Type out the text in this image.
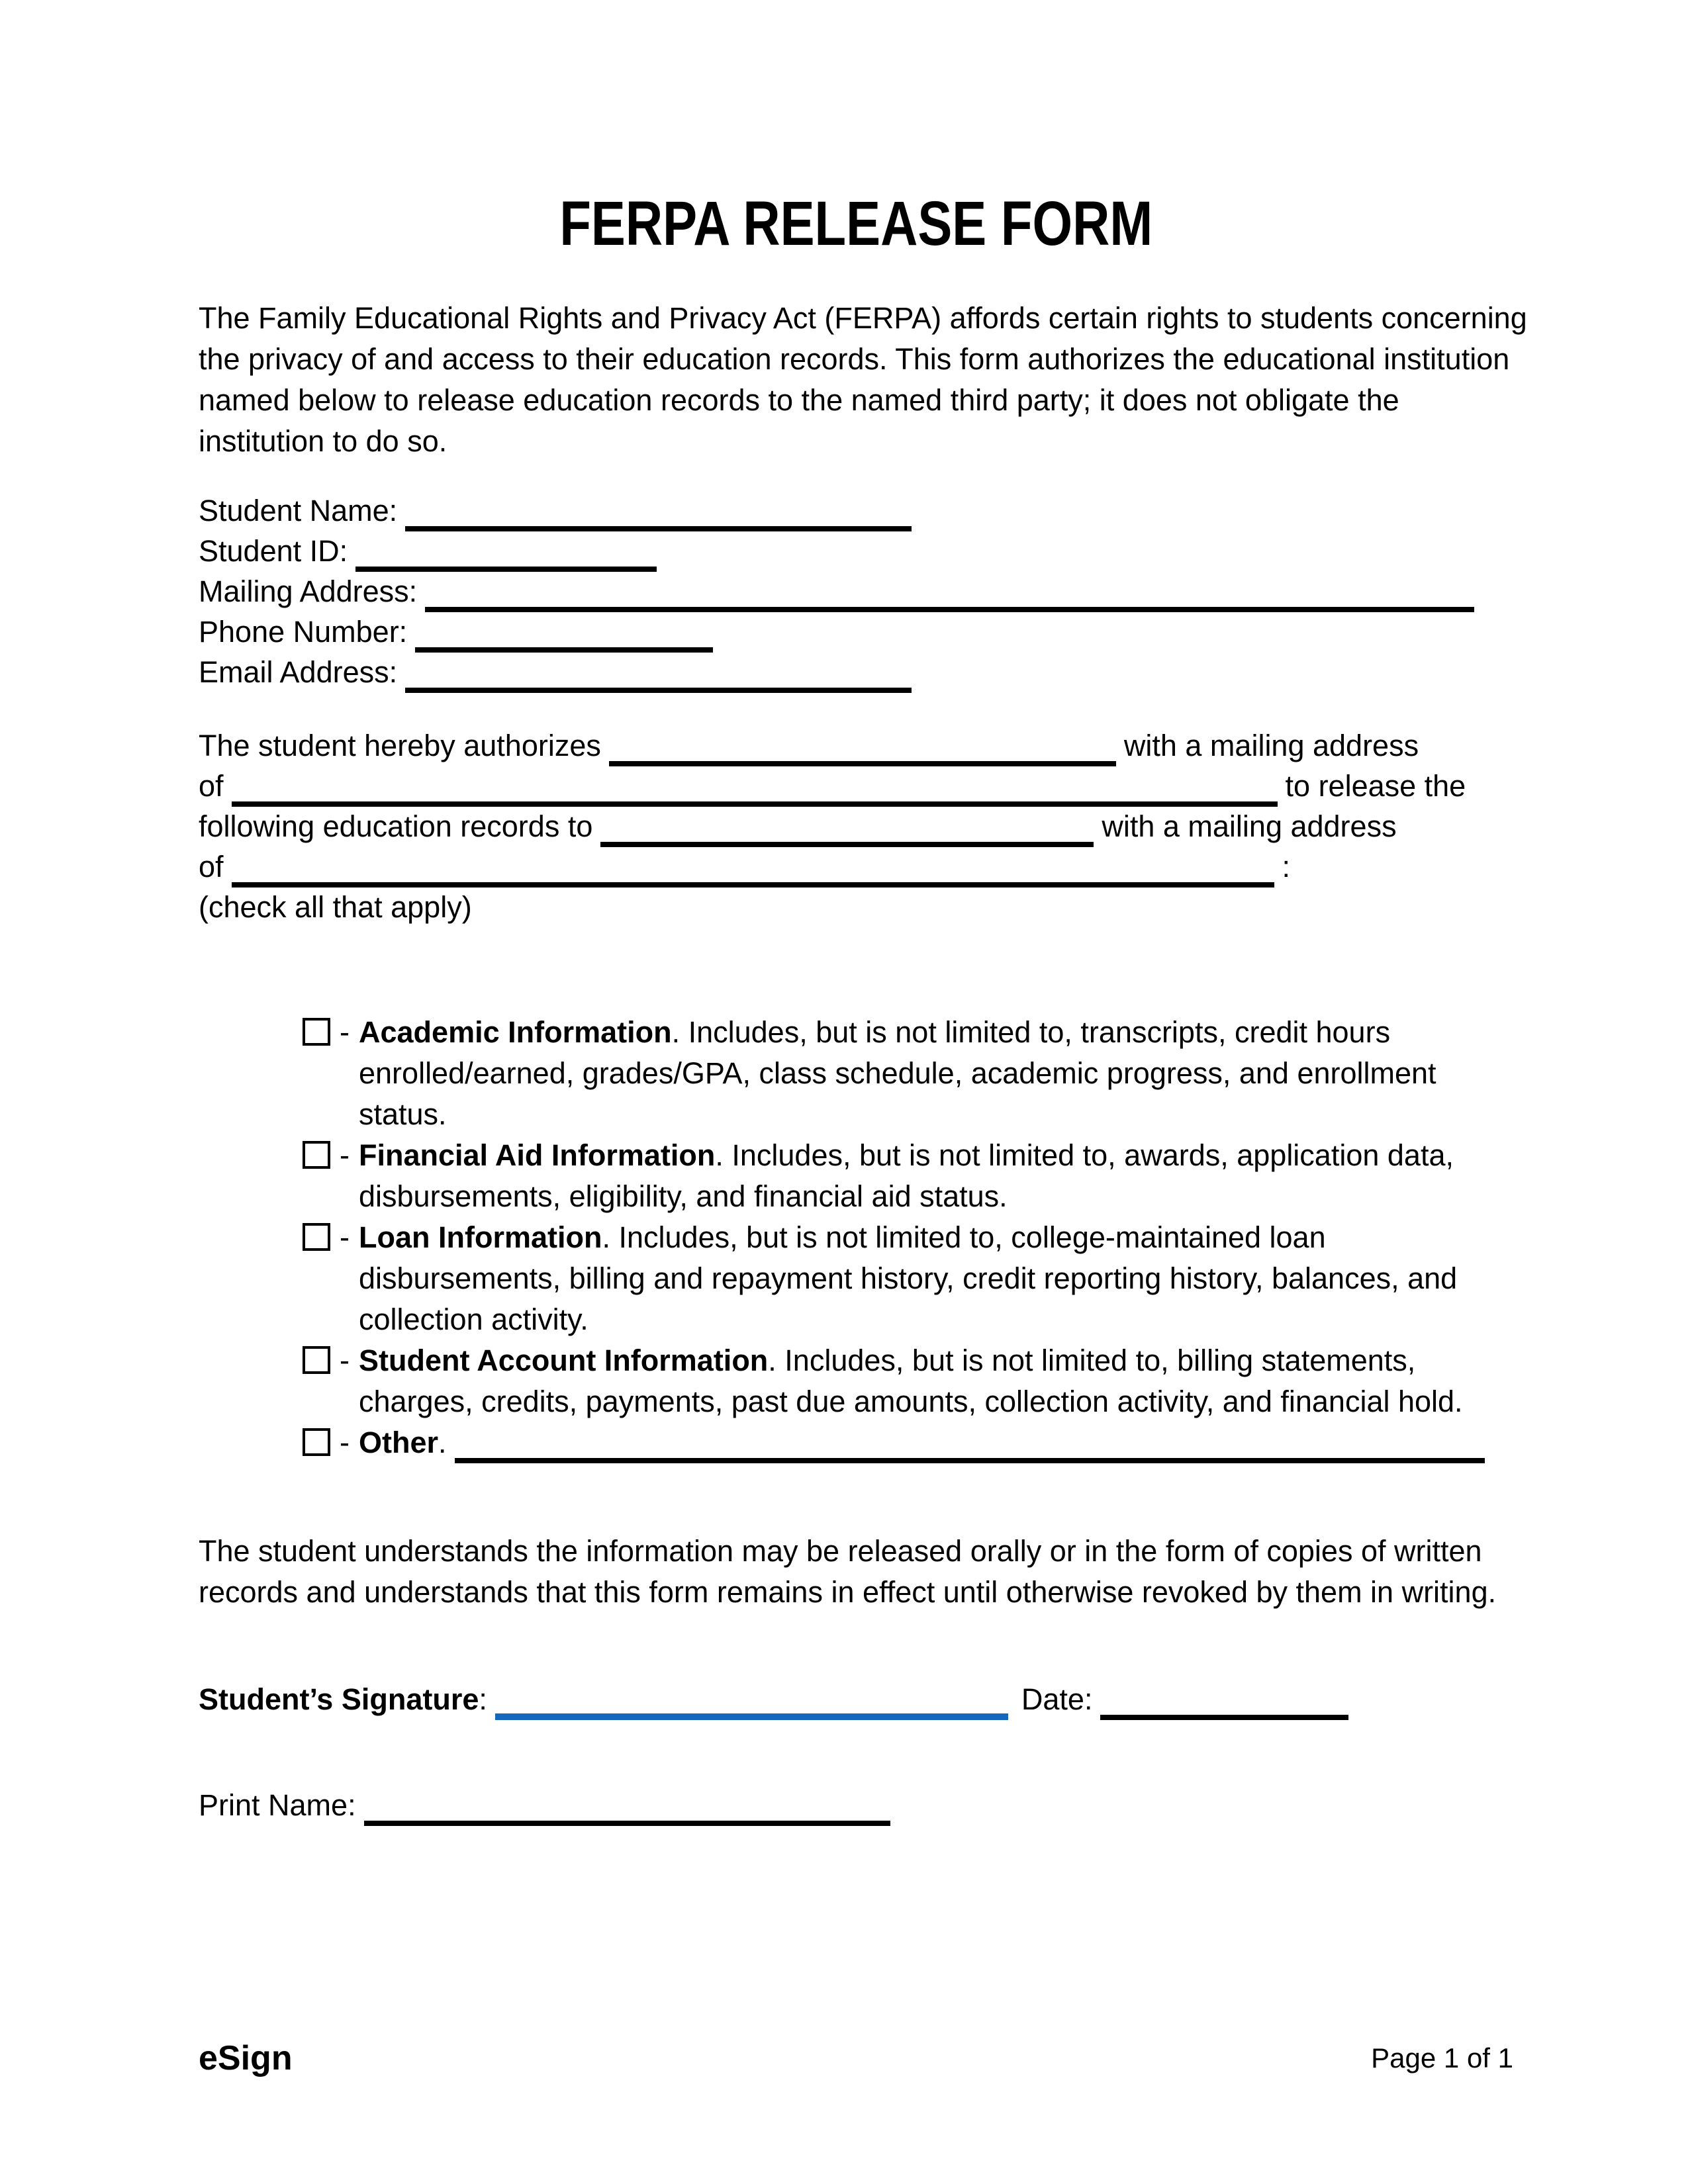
FERPA RELEASE FORM

The Family Educational Rights and Privacy Act (FERPA) affords certain rights to students concerning the privacy of and access to their education records. This form authorizes the educational institution named below to release education records to the named third party; it does not obligate the institution to do so.

Student Name:
Student ID:
Mailing Address:
Phone Number:
Email Address:
The student hereby authorizes	with a mailing address
of	to release the
following education records to	with a mailing address
of	:
(check all that apply)
- Academic Information. Includes, but is not limited to, transcripts, credit hours enrolled/earned, grades/GPA, class schedule, academic progress, and enrollment status.
- Financial Aid Information. Includes, but is not limited to, awards, application data, disbursements, eligibility, and financial aid status.
- Loan Information. Includes, but is not limited to, college-maintained loan disbursements, billing and repayment history, credit reporting history, balances, and collection activity.
- Student Account Information. Includes, but is not limited to, billing statements, charges, credits, payments, past due amounts, collection activity, and financial hold.
- Other.

The student understands the information may be released orally or in the form of copies of written records and understands that this form remains in effect until otherwise revoked by them in writing.

Student’s Signature:	Date:
Print Name:
eSign	Page 1 of 1
